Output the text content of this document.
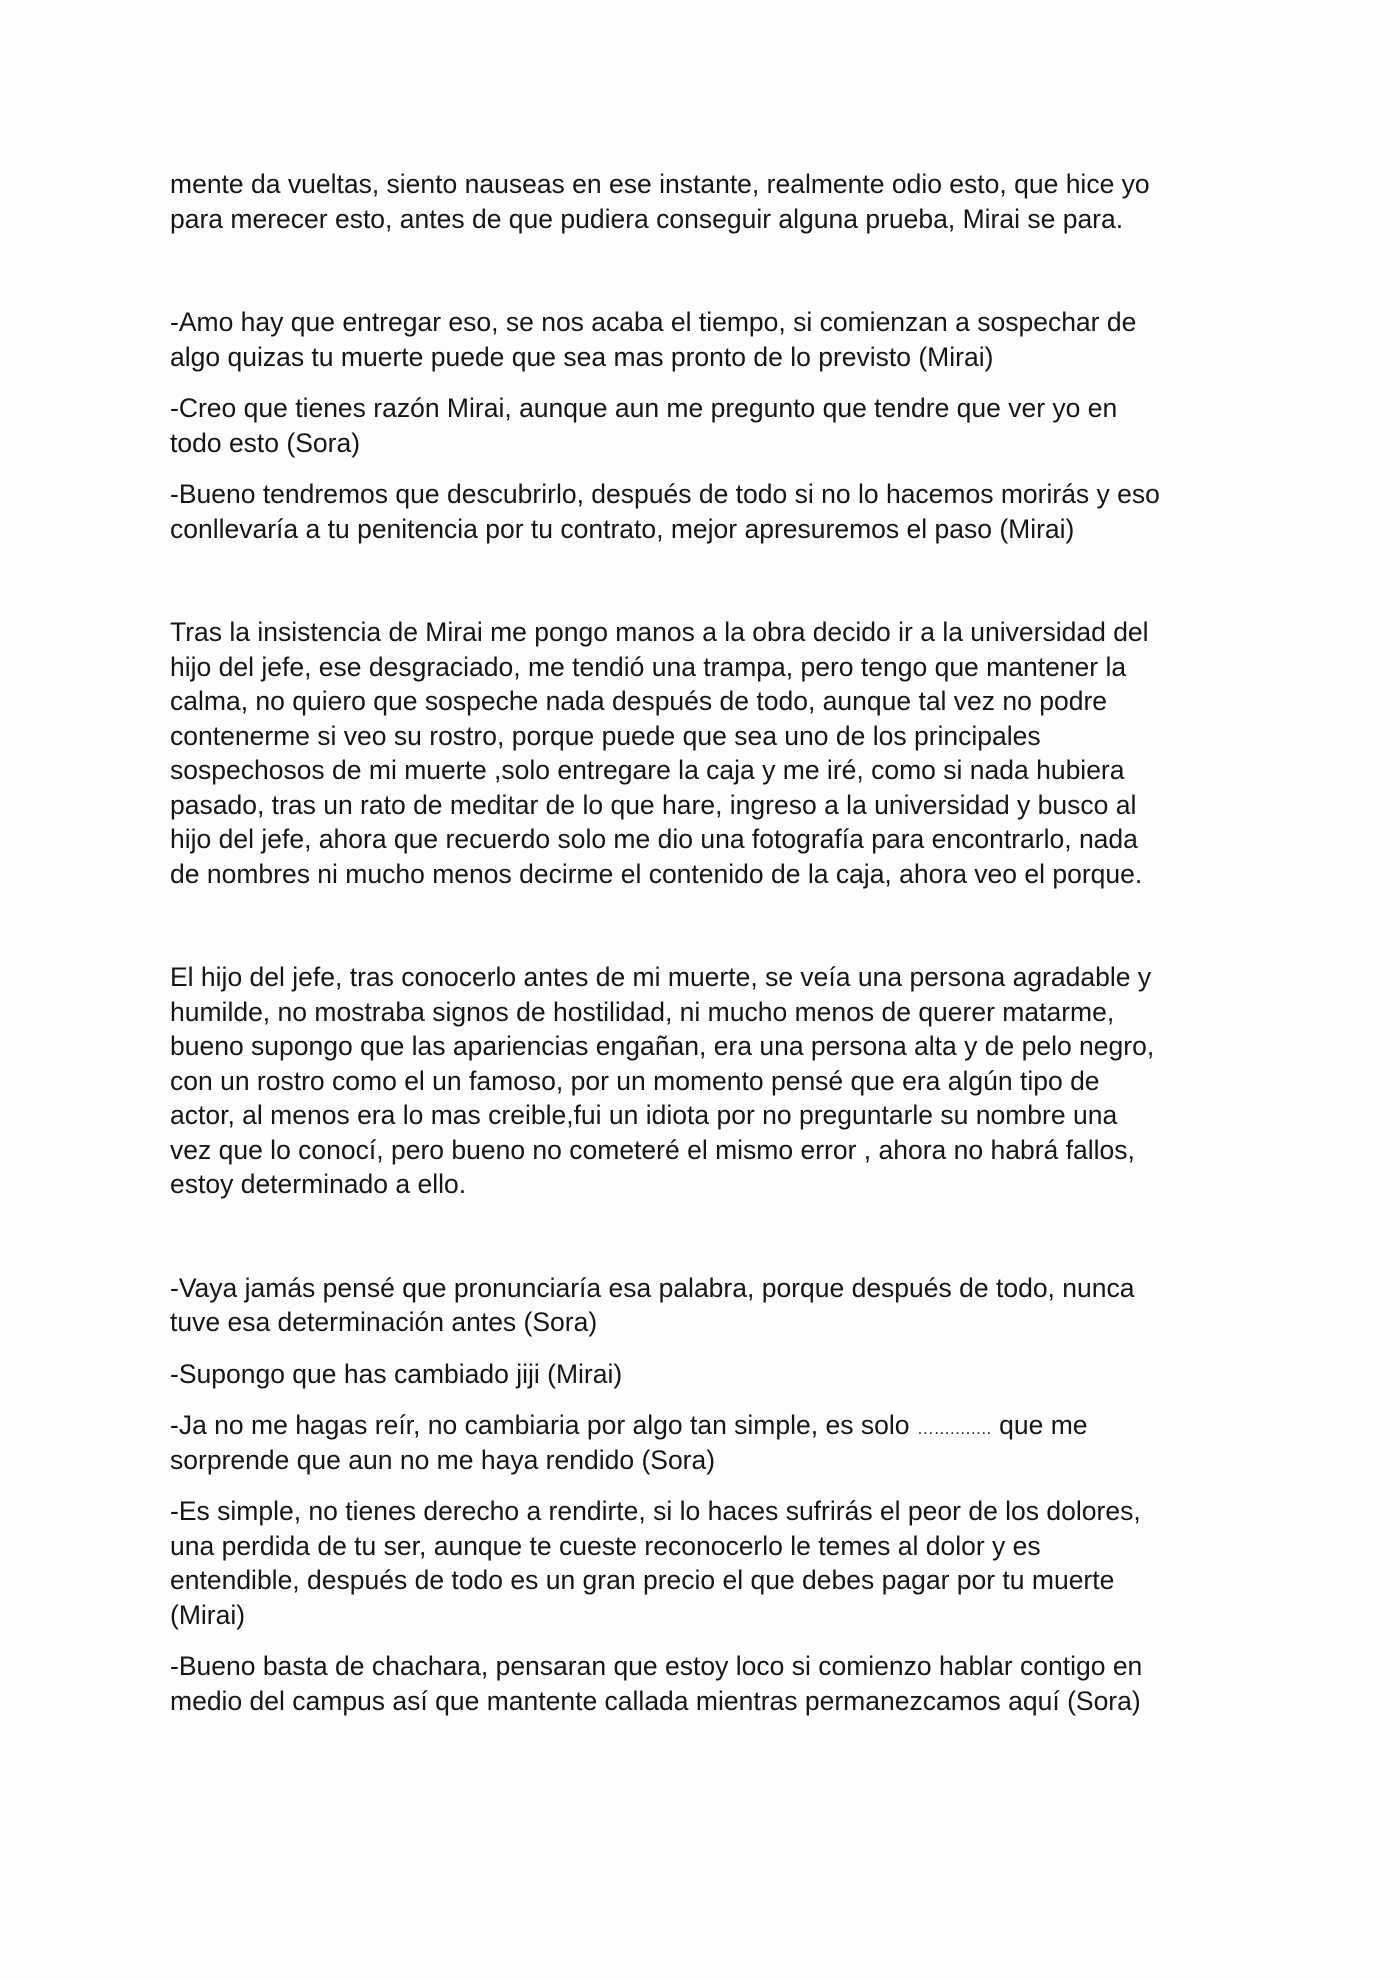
mente da vueltas, siento nauseas en ese instante, realmente odio esto, que hice yo
para merecer esto, antes de que pudiera conseguir alguna prueba, Mirai se para.

-Amo hay que entregar eso, se nos acaba el tiempo, si comienzan a sospechar de
algo quizas tu muerte puede que sea mas pronto de lo previsto (Mirai)

-Creo que tienes razón Mirai, aunque aun me pregunto que tendre que ver yo en
todo esto (Sora)

-Bueno tendremos que descubrirlo, después de todo si no lo hacemos morirás y eso
conllevaría a tu penitencia por tu contrato, mejor apresuremos el paso (Mirai)

Tras la insistencia de Mirai me pongo manos a la obra decido ir a la universidad del
hijo del jefe, ese desgraciado, me tendió una trampa, pero tengo que mantener la
calma, no quiero que sospeche nada después de todo, aunque tal vez no podre
contenerme si veo su rostro, porque puede que sea uno de los principales
sospechosos de mi muerte ,solo entregare la caja y me iré, como si nada hubiera
pasado, tras un rato de meditar de lo que hare, ingreso a la universidad y busco al
hijo del jefe, ahora que recuerdo solo me dio una fotografía para encontrarlo, nada
de nombres ni mucho menos decirme el contenido de la caja, ahora veo el porque.

El hijo del jefe, tras conocerlo antes de mi muerte, se veía una persona agradable y
humilde, no mostraba signos de hostilidad, ni mucho menos de querer matarme,
bueno supongo que las apariencias engañan, era una persona alta y de pelo negro,
con un rostro como el un famoso, por un momento pensé que era algún tipo de
actor, al menos era lo mas creible,fui un idiota por no preguntarle su nombre una
vez que lo conocí, pero bueno no cometeré el mismo error , ahora no habrá fallos,
estoy determinado a ello.

-Vaya jamás pensé que pronunciaría esa palabra, porque después de todo, nunca
tuve esa determinación antes (Sora)

-Supongo que has cambiado jiji (Mirai)

-Ja no me hagas reír, no cambiaria por algo tan simple, es solo …........... que me
sorprende que aun no me haya rendido (Sora)

-Es simple, no tienes derecho a rendirte, si lo haces sufrirás el peor de los dolores,
una perdida de tu ser, aunque te cueste reconocerlo le temes al dolor y es
entendible, después de todo es un gran precio el que debes pagar por tu muerte
(Mirai)

-Bueno basta de chachara, pensaran que estoy loco si comienzo hablar contigo en
medio del campus así que mantente callada mientras permanezcamos aquí (Sora)
